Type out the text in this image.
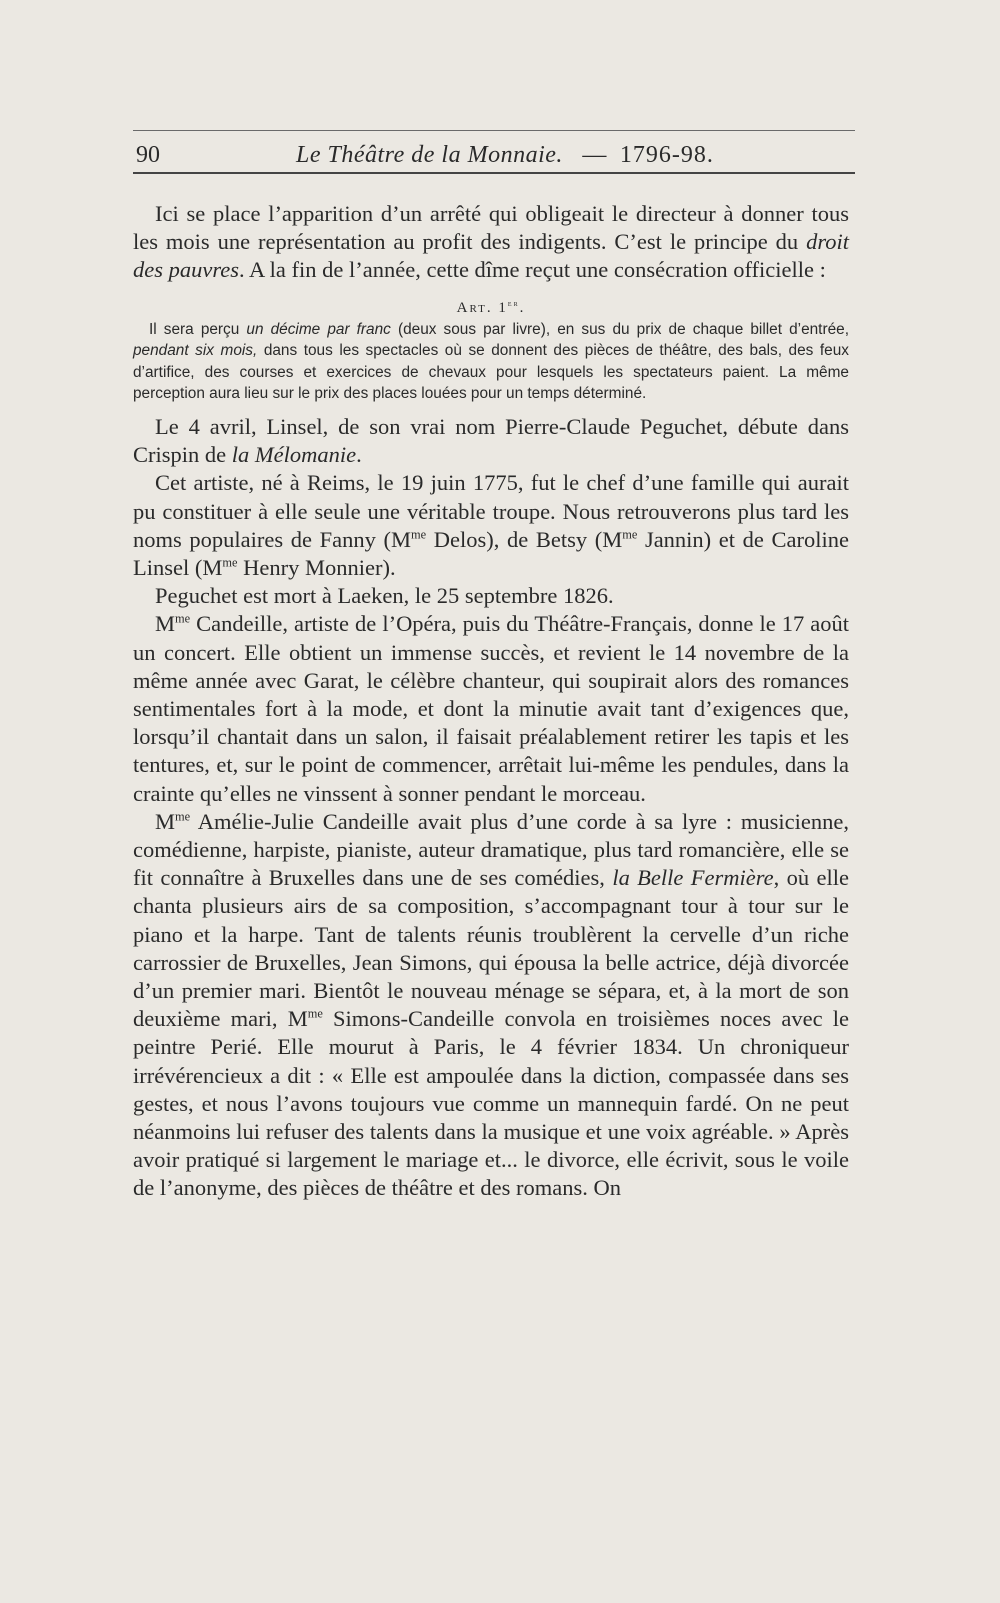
90	Le Théâtre de la Monnaie. — 1796-98.

Ici se place l’apparition d’un arrêté qui obligeait le directeur à donner tous les mois une représentation au profit des indigents. C’est le principe du droit des pauvres. A la fin de l’année, cette dîme reçut une consécration officielle :

Art. 1er.

Il sera perçu un décime par franc (deux sous par livre), en sus du prix de chaque billet d’entrée, pendant six mois, dans tous les spectacles où se donnent des pièces de théâtre, des bals, des feux d’artifice, des courses et exercices de chevaux pour lesquels les spectateurs paient. La même perception aura lieu sur le prix des places louées pour un temps déterminé.

Le 4 avril, Linsel, de son vrai nom Pierre-Claude Peguchet, débute dans Crispin de la Mélomanie.

Cet artiste, né à Reims, le 19 juin 1775, fut le chef d’une famille qui aurait pu constituer à elle seule une véritable troupe. Nous retrouverons plus tard les noms populaires de Fanny ($M^{me}$ Delos), de Betsy ($M^{me}$ Jannin) et de Caroline Linsel ($M^{me}$ Henry Monnier).

Peguchet est mort à Laeken, le 25 septembre 1826.

$M^{me}$ Candeille, artiste de l’Opéra, puis du Théâtre-Français, donne le 17 août un concert. Elle obtient un immense succès, et revient le 14 novembre de la même année avec Garat, le célèbre chanteur, qui soupirait alors des romances sentimentales fort à la mode, et dont la minutie avait tant d’exigences que, lorsqu’il chantait dans un salon, il faisait préalablement retirer les tapis et les tentures, et, sur le point de commencer, arrêtait lui-même les pendules, dans la crainte qu’elles ne vinssent à sonner pendant le morceau.

$M^{me}$ Amélie-Julie Candeille avait plus d’une corde à sa lyre : musicienne, comédienne, harpiste, pianiste, auteur dramatique, plus tard romancière, elle se fit connaître à Bruxelles dans une de ses comédies, la Belle Fermière, où elle chanta plusieurs airs de sa composition, s’accompagnant tour à tour sur le piano et la harpe. Tant de talents réunis troublèrent la cervelle d’un riche carrossier de Bruxelles, Jean Simons, qui épousa la belle actrice, déjà divorcée d’un premier mari. Bientôt le nouveau ménage se sépara, et, à la mort de son deuxième mari, $M^{me}$ Simons-Candeille convola en troisièmes noces avec le peintre Perié. Elle mourut à Paris, le 4 février 1834. Un chroniqueur irrévérencieux a dit : « Elle est ampoulée dans la diction, compassée dans ses gestes, et nous l’avons toujours vue comme un mannequin fardé. On ne peut néanmoins lui refuser des talents dans la musique et une voix agréable. » Après avoir pratiqué si largement le mariage et... le divorce, elle écrivit, sous le voile de l’anonyme, des pièces de théâtre et des romans. On
